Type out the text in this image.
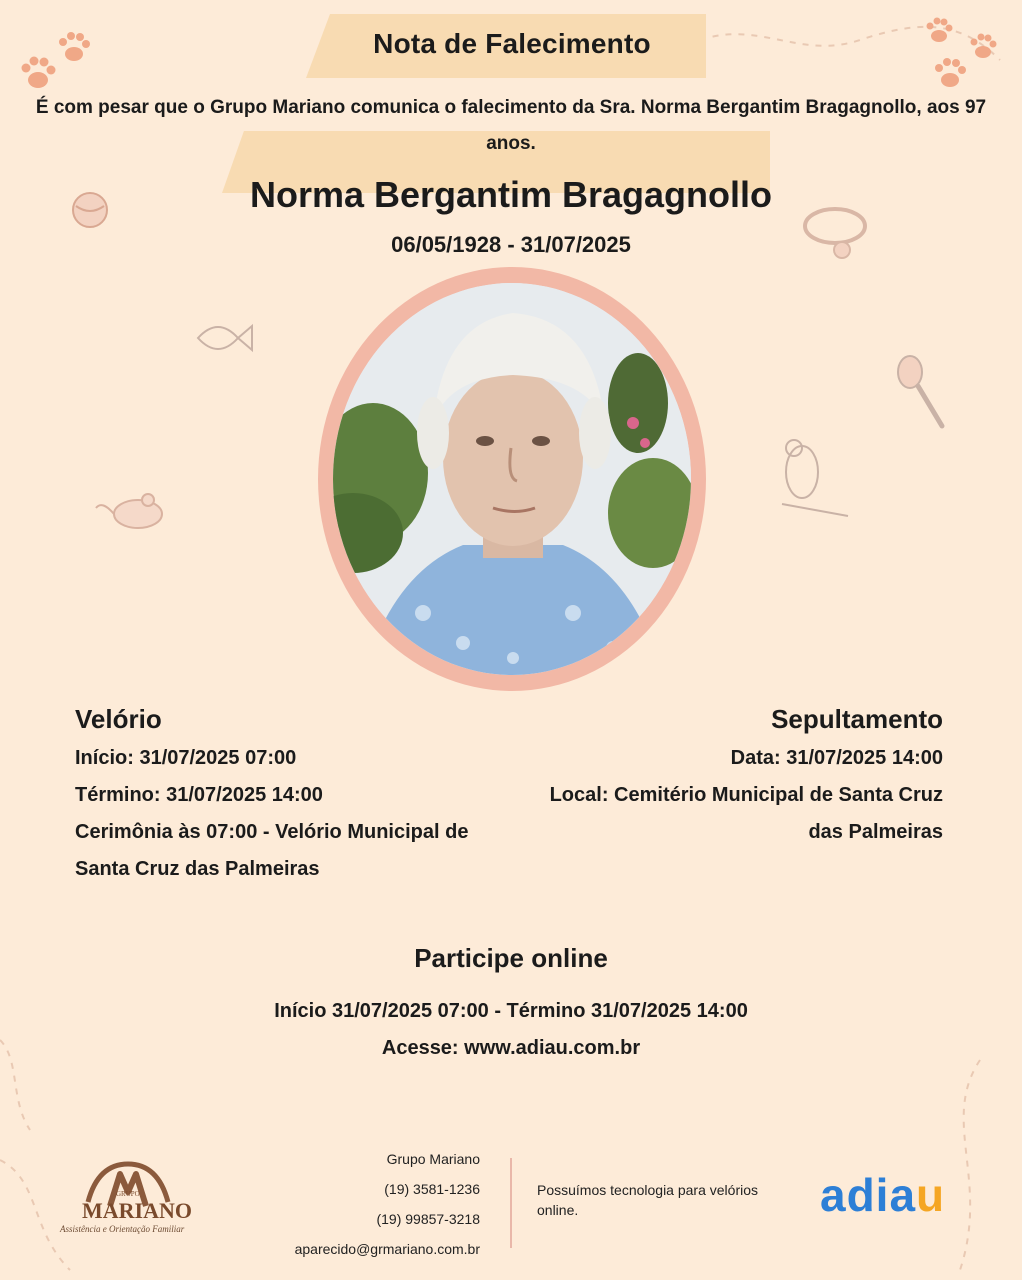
Nota de Falecimento
É com pesar que o Grupo Mariano comunica o falecimento da Sra. Norma Bergantim Bragagnollo, aos 97 anos.
Norma Bergantim Bragagnollo
06/05/1928 - 31/07/2025
Velório
Início: 31/07/2025 07:00
Término: 31/07/2025 14:00
Cerimônia às 07:00 - Velório Municipal de Santa Cruz das Palmeiras
Sepultamento
Data: 31/07/2025 14:00
Local: Cemitério Municipal de Santa Cruz das Palmeiras
Participe online
Início 31/07/2025 07:00 - Término 31/07/2025 14:00
Acesse: www.adiau.com.br
GRUPO
MARIANO
Assistência e Orientação Familiar
Grupo Mariano
(19) 3581-1236
(19) 99857-3218
aparecido@grmariano.com.br
Possuímos tecnologia para velórios online.	adiau
